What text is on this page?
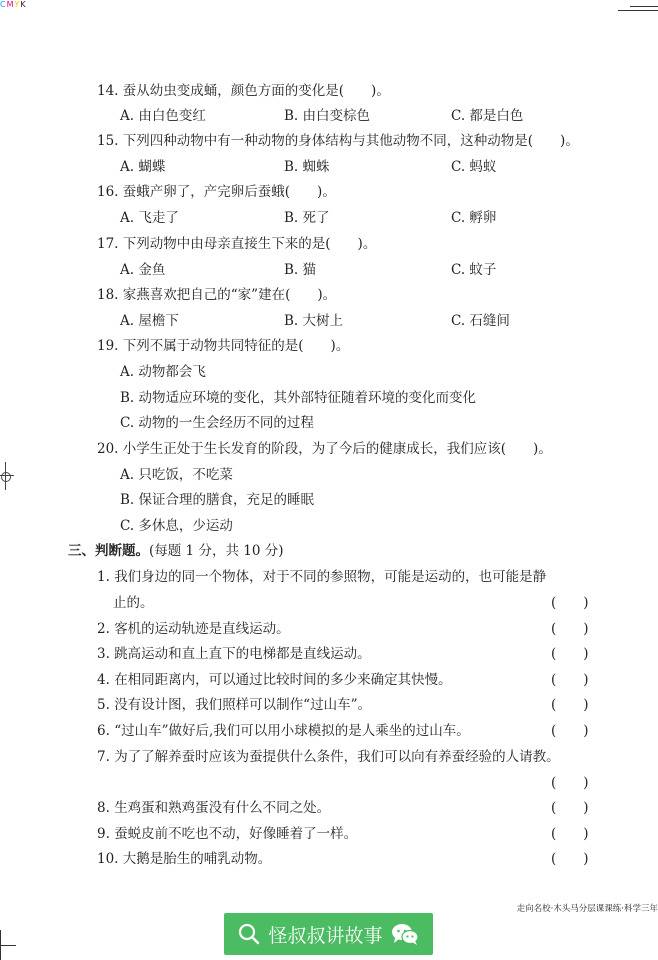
CMYK
14. 蚕从幼虫变成蛹，颜色方面的变化是(　　)。
A. 由白色变红	B. 由白变棕色	C. 都是白色
15. 下列四种动物中有一种动物的身体结构与其他动物不同，这种动物是(　　)。
A. 蝴蝶	B. 蜘蛛	C. 蚂蚁
16. 蚕蛾产卵了，产完卵后蚕蛾(　　)。
A. 飞走了	B. 死了	C. 孵卵
17. 下列动物中由母亲直接生下来的是(　　)。
A. 金鱼	B. 猫	C. 蚊子
18. 家燕喜欢把自己的“家”建在(　　)。
A. 屋檐下	B. 大树上	C. 石缝间
19. 下列不属于动物共同特征的是(　　)。
A. 动物都会飞
B. 动物适应环境的变化，其外部特征随着环境的变化而变化
C. 动物的一生会经历不同的过程
20. 小学生正处于生长发育的阶段，为了今后的健康成长，我们应该(　　)。
A. 只吃饭，不吃菜
B. 保证合理的膳食，充足的睡眠
C. 多休息，少运动
三、判断题。(每题 1 分，共 10 分)
1. 我们身边的同一个物体，对于不同的参照物，可能是运动的，也可能是静
止的。	(　　)
2. 客机的运动轨迹是直线运动。	(　　)
3. 跳高运动和直上直下的电梯都是直线运动。	(　　)
4. 在相同距离内，可以通过比较时间的多少来确定其快慢。	(　　)
5. 没有设计图，我们照样可以制作“过山车”。	(　　)
6. “过山车”做好后,我们可以用小球模拟的是人乘坐的过山车。	(　　)
7. 为了了解养蚕时应该为蚕提供什么条件，我们可以向有养蚕经验的人请教。
(　　)
8. 生鸡蛋和熟鸡蛋没有什么不同之处。	(　　)
9. 蚕蜕皮前不吃也不动，好像睡着了一样。	(　　)
10. 大鹅是胎生的哺乳动物。	(　　)
走向名校·木头马分层课课练·科学三年
怪叔叔讲故事
